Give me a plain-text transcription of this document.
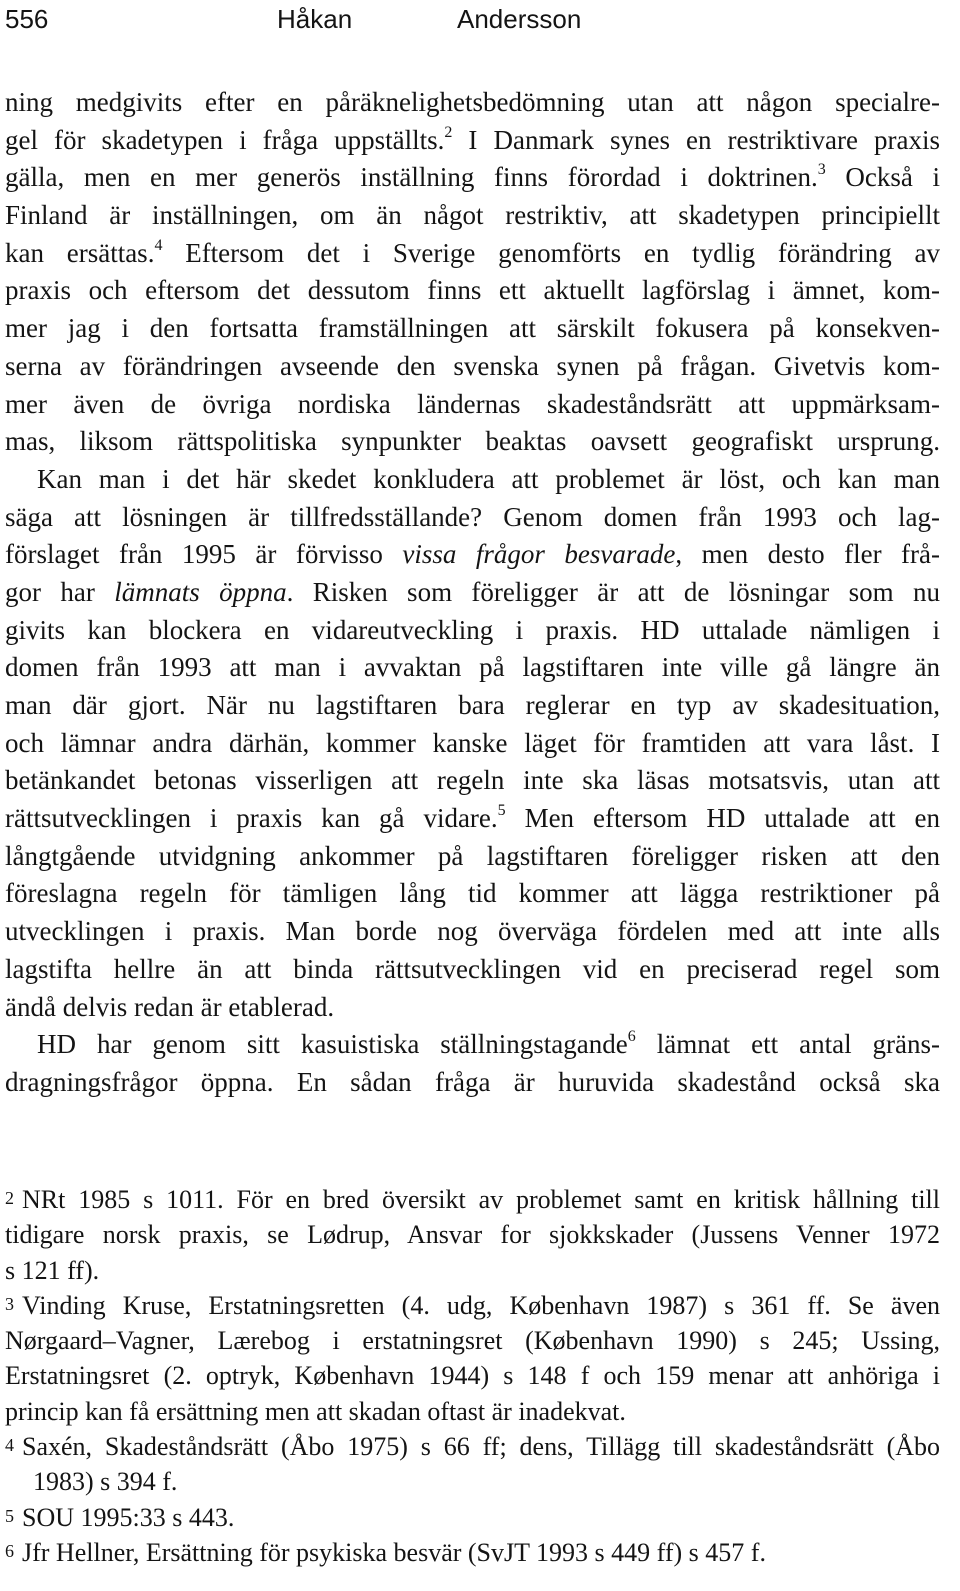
556	Håkan	Andersson
ning medgivits efter en påräknelighetsbedömning utan att någon specialre-
gel för skadetypen i fråga uppställts.$^2$ I Danmark synes en restriktivare praxis
gälla, men en mer generös inställning finns förordad i doktrinen.$^3$ Också i
Finland är inställningen, om än något restriktiv, att skadetypen principiellt
kan ersättas.$^4$ Eftersom det i Sverige genomförts en tydlig förändring av
praxis och eftersom det dessutom finns ett aktuellt lagförslag i ämnet, kom-
mer jag i den fortsatta framställningen att särskilt fokusera på konsekven-
serna av förändringen avseende den svenska synen på frågan. Givetvis kom-
mer även de övriga nordiska ländernas skadeståndsrätt att uppmärksam-
mas, liksom rättspolitiska synpunkter beaktas oavsett geografiskt ursprung.
Kan man i det här skedet konkludera att problemet är löst, och kan man
säga att lösningen är tillfredsställande? Genom domen från 1993 och lag-
förslaget från 1995 är förvisso vissa frågor besvarade, men desto fler frå-
gor har lämnats öppna. Risken som föreligger är att de lösningar som nu
givits kan blockera en vidareutveckling i praxis. HD uttalade nämligen i
domen från 1993 att man i avvaktan på lagstiftaren inte ville gå längre än
man där gjort. När nu lagstiftaren bara reglerar en typ av skadesituation,
och lämnar andra därhän, kommer kanske läget för framtiden att vara låst. I
betänkandet betonas visserligen att regeln inte ska läsas motsatsvis, utan att
rättsutvecklingen i praxis kan gå vidare.$^5$ Men eftersom HD uttalade att en
långtgående utvidgning ankommer på lagstiftaren föreligger risken att den
föreslagna regeln för tämligen lång tid kommer att lägga restriktioner på
utvecklingen i praxis. Man borde nog överväga fördelen med att inte alls
lagstifta hellre än att binda rättsutvecklingen vid en preciserad regel som
ändå delvis redan är etablerad.
HD har genom sitt kasuistiska ställningstagande$^6$ lämnat ett antal gräns-
dragningsfrågor öppna. En sådan fråga är huruvida skadestånd också ska
2 NRt 1985 s 1011. För en bred översikt av problemet samt en kritisk hållning till
tidigare norsk praxis, se Lødrup, Ansvar for sjokkskader (Jussens Venner 1972
s 121 ff).
3 Vinding Kruse, Erstatningsretten (4. udg, København 1987) s 361 ff. Se även
Nørgaard–Vagner, Lærebog i erstatningsret (København 1990) s 245; Ussing,
Erstatningsret (2. optryk, København 1944) s 148 f och 159 menar att anhöriga i
princip kan få ersättning men att skadan oftast är inadekvat.
4 Saxén, Skadeståndsrätt (Åbo 1975) s 66 ff; dens, Tillägg till skadeståndsrätt (Åbo
1983) s 394 f.
5 SOU 1995:33 s 443.
6 Jfr Hellner, Ersättning för psykiska besvär (SvJT 1993 s 449 ff) s 457 f.
